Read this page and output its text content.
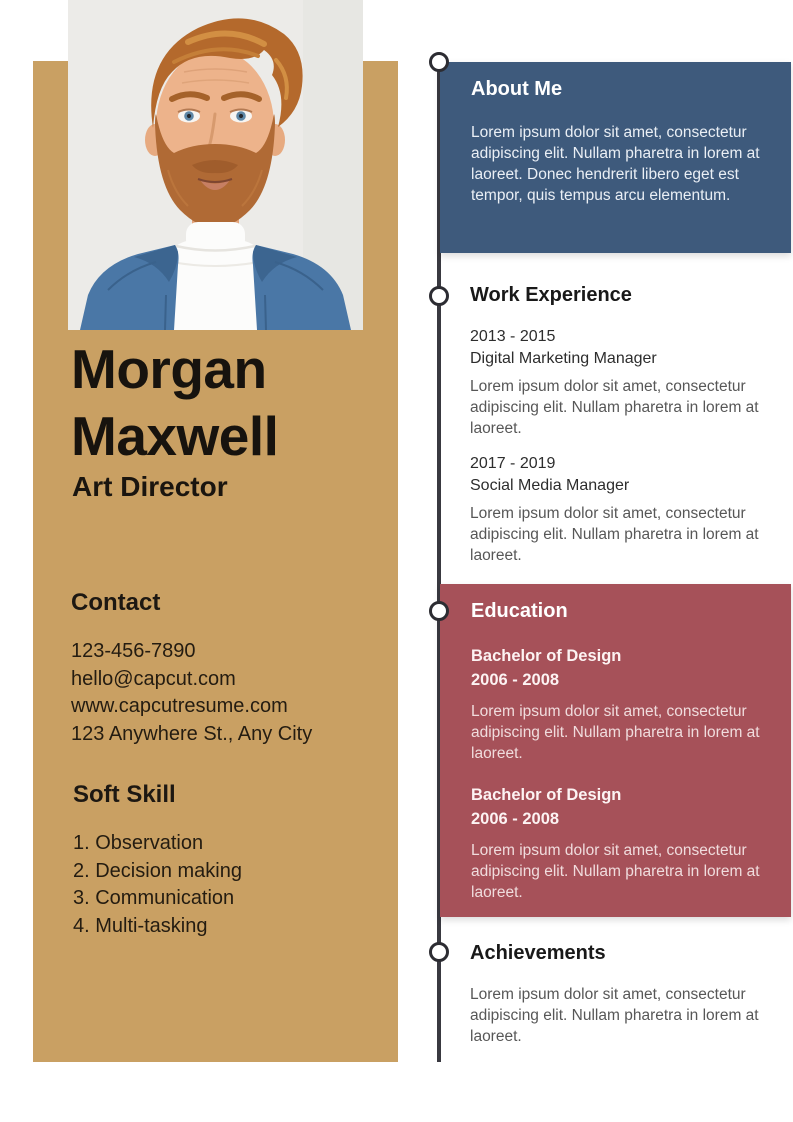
Morgan
Maxwell
Art Director
Contact
123-456-7890
hello@capcut.com
www.capcutresume.com
123 Anywhere St., Any City
Soft Skill
1. Observation
2. Decision making
3. Communication
4. Multi-tasking
About Me

Lorem ipsum dolor sit amet, consectetur adipiscing elit. Nullam pharetra in lorem at laoreet. Donec hendrerit libero eget est tempor, quis tempus arcu elementum.

Work Experience
2013 - 2015
Digital Marketing Manager

Lorem ipsum dolor sit amet, consectetur adipiscing elit. Nullam pharetra in lorem at laoreet.

2017 - 2019
Social Media Manager

Lorem ipsum dolor sit amet, consectetur adipiscing elit. Nullam pharetra in lorem at laoreet.

Education
Bachelor of Design
2006 - 2008

Lorem ipsum dolor sit amet, consectetur adipiscing elit. Nullam pharetra in lorem at laoreet.

Bachelor of Design
2006 - 2008

Lorem ipsum dolor sit amet, consectetur adipiscing elit. Nullam pharetra in lorem at laoreet.

Achievements

Lorem ipsum dolor sit amet, consectetur adipiscing elit. Nullam pharetra in lorem at laoreet.
